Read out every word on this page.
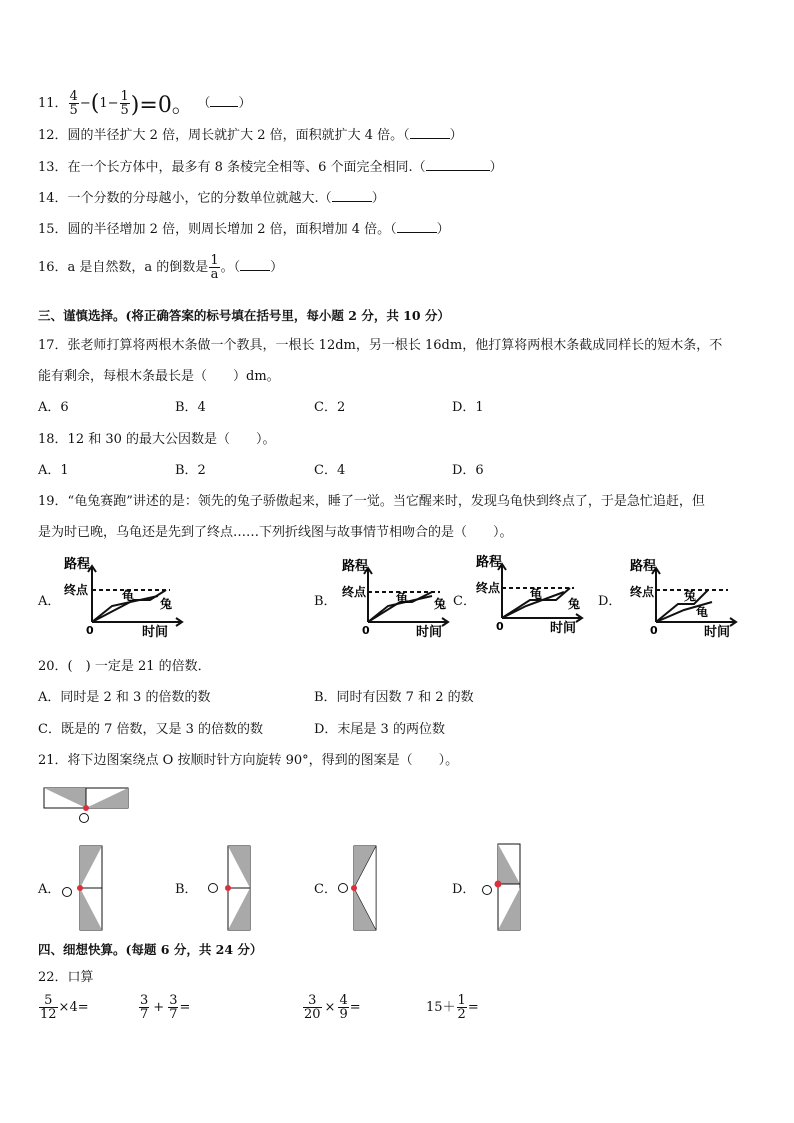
11． $\frac{4}{5} -(1- \frac{1}{5} )=0$。 （ ）
12．圆的半径扩大 2 倍，周长就扩大 2 倍，面积就扩大 4 倍。（	）
13．在一个长方体中，最多有 8 条棱完全相等、6 个面完全相同.（	）
14．一个分数的分母越小，它的分数单位就越大.（	）
15．圆的半径增加 2 倍，则周长增加 2 倍，面积增加 4 倍。（	）
16．a 是自然数，a 的倒数是 $\frac{1}{a}$ 。（ ）
三、谨慎选择。(将正确答案的标号填在括号里，每小题 2 分，共 10 分）
17．张老师打算将两根木条做一个教具，一根长 12dm，另一根长 16dm，他打算将两根木条截成同样长的短木条，不
能有剩余，每根木条最长是（　　）dm。
A．6	B．4	C．2	D．1
18．12 和 30 的最大公因数是（　　）。
A．1	B．2	C．4	D．6
19．“龟兔赛跑”讲述的是：领先的兔子骄傲起来，睡了一觉。当它醒来时，发现乌龟快到终点了，于是急忙追赶，但
是为时已晚，乌龟还是先到了终点……下列折线图与故事情节相吻合的是（　　）。
A．	B．	C．	D．
路程
终点
0	时间
龟
兔
路程
终点
0	时间
龟 兔
路程
终点
0	时间
龟
兔
路程
终点
0	时间
兔
龟
20．(　) 一定是 21 的倍数．
A．同时是 2 和 3 的倍数的数	B．同时有因数 7 和 2 的数
C．既是的 7 倍数，又是 3 的倍数的数	D．末尾是 3 的两位数
21．将下边图案绕点 O 按顺时针方向旋转 90°，得到的图案是（　　）。
A．	B．	C．	D．
四、细想快算。(每题 6 分，共 24 分）
22．口算
$\frac{5}{12} \times 4=$	$\frac{3}{7} + \frac{3}{7}$ =	$\frac{3}{20} \times \frac{4}{9}$ =	$15+ \frac{1}{2}$ =
